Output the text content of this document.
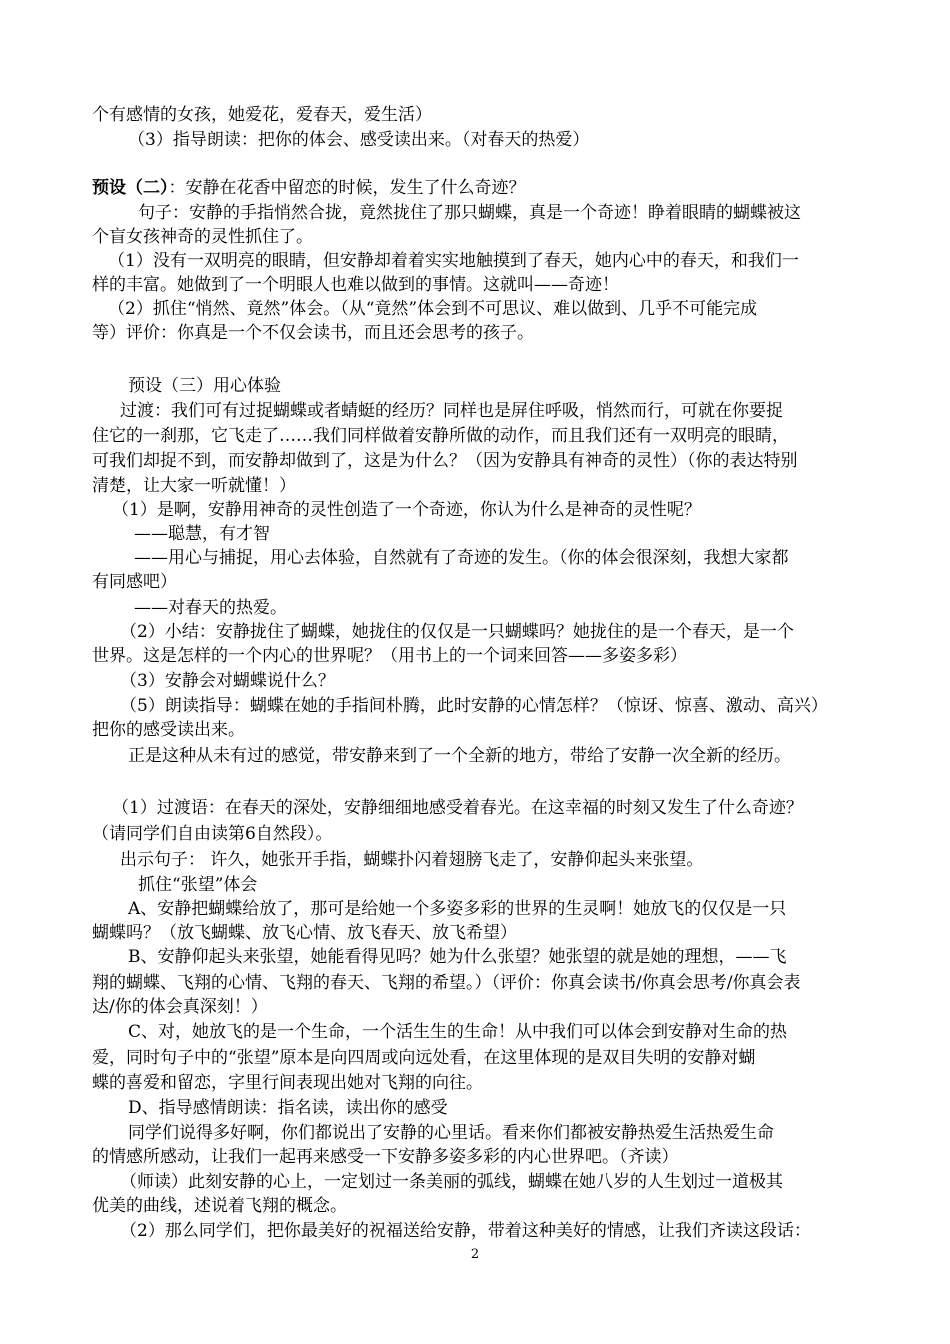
个有感情的女孩，她爱花，爱春天，爱生活）
（3）指导朗读：把你的体会、感受读出来。（对春天的热爱）
预设（二）：安静在花香中留恋的时候，发生了什么奇迹？
句子：安静的手指悄然合拢，竟然拢住了那只蝴蝶，真是一个奇迹！睁着眼睛的蝴蝶被这
个盲女孩神奇的灵性抓住了。
（1）没有一双明亮的眼睛，但安静却着着实实地触摸到了春天，她内心中的春天，和我们一
样的丰富。她做到了一个明眼人也难以做到的事情。这就叫——奇迹！
（2）抓住“悄然、竟然”体会。（从“竟然”体会到不可思议、难以做到、几乎不可能完成
等）评价：你真是一个不仅会读书，而且还会思考的孩子。
预设（三）用心体验
过渡：我们可有过捉蝴蝶或者蜻蜓的经历？同样也是屏住呼吸，悄然而行，可就在你要捉
住它的一刹那，它飞走了……我们同样做着安静所做的动作，而且我们还有一双明亮的眼睛，
可我们却捉不到，而安静却做到了，这是为什么？（因为安静具有神奇的灵性）（你的表达特别
清楚，让大家一听就懂！）
（1）是啊，安静用神奇的灵性创造了一个奇迹，你认为什么是神奇的灵性呢？
——聪慧，有才智
——用心与捕捉，用心去体验，自然就有了奇迹的发生。（你的体会很深刻，我想大家都
有同感吧）
——对春天的热爱。
（2）小结：安静拢住了蝴蝶，她拢住的仅仅是一只蝴蝶吗？她拢住的是一个春天，是一个
世界。这是怎样的一个内心的世界呢？（用书上的一个词来回答——多姿多彩）
（3）安静会对蝴蝶说什么？
（5）朗读指导：蝴蝶在她的手指间朴腾，此时安静的心情怎样？（惊讶、惊喜、激动、高兴）
把你的感受读出来。
正是这种从未有过的感觉，带安静来到了一个全新的地方，带给了安静一次全新的经历。
（1）过渡语：在春天的深处，安静细细地感受着春光。在这幸福的时刻又发生了什么奇迹？
（请同学们自由读第6自然段）。
出示句子： 许久，她张开手指，蝴蝶扑闪着翅膀飞走了，安静仰起头来张望。
抓住“张望”体会
A、安静把蝴蝶给放了，那可是给她一个多姿多彩的世界的生灵啊！她放飞的仅仅是一只
蝴蝶吗？（放飞蝴蝶、放飞心情、放飞春天、放飞希望）
B、安静仰起头来张望，她能看得见吗？她为什么张望？她张望的就是她的理想，——飞
翔的蝴蝶、飞翔的心情、飞翔的春天、飞翔的希望。）（评价：你真会读书/你真会思考/你真会表
达/你的体会真深刻！）
C、对，她放飞的是一个生命，一个活生生的生命！从中我们可以体会到安静对生命的热
爱，同时句子中的“张望”原本是向四周或向远处看，在这里体现的是双目失明的安静对蝴
蝶的喜爱和留恋，字里行间表现出她对飞翔的向往。
D、指导感情朗读：指名读，读出你的感受
同学们说得多好啊，你们都说出了安静的心里话。看来你们都被安静热爱生活热爱生命
的情感所感动，让我们一起再来感受一下安静多姿多彩的内心世界吧。（齐读）
（师读）此刻安静的心上，一定划过一条美丽的弧线，蝴蝶在她八岁的人生划过一道极其
优美的曲线，述说着飞翔的概念。
（2）那么同学们，把你最美好的祝福送给安静，带着这种美好的情感，让我们齐读这段话：
2
